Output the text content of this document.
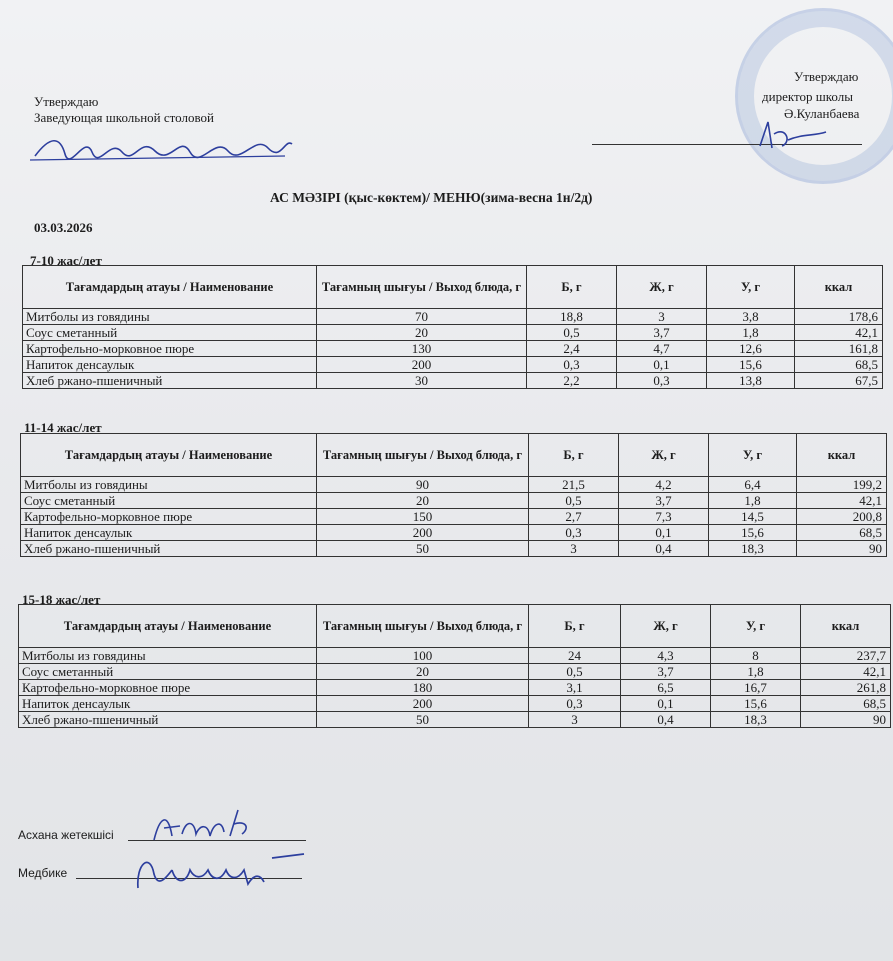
Утверждаю
Заведующая школьной столовой
Утверждаю
директор школы
Ә.Куланбаева
АС МӘЗІРІ (қыс-көктем)/ МЕНЮ(зима-весна 1н/2д)
03.03.2026
7-10 жас/лет
Тағамдардың атауы / Наименование	Тағамның шығуы / Выход блюда, г	Б, г	Ж, г	У, г	ккал
Митболы из говядины	70	18,8	3	3,8	178,6
Соус сметанный	20	0,5	3,7	1,8	42,1
Картофельно-морковное пюре	130	2,4	4,7	12,6	161,8
Напиток денсаулык	200	0,3	0,1	15,6	68,5
Хлеб ржано-пшеничный	30	2,2	0,3	13,8	67,5
11-14 жас/лет
Тағамдардың атауы / Наименование	Тағамның шығуы / Выход блюда, г	Б, г	Ж, г	У, г	ккал
Митболы из говядины	90	21,5	4,2	6,4	199,2
Соус сметанный	20	0,5	3,7	1,8	42,1
Картофельно-морковное пюре	150	2,7	7,3	14,5	200,8
Напиток денсаулык	200	0,3	0,1	15,6	68,5
Хлеб ржано-пшеничный	50	3	0,4	18,3	90
15-18 жас/лет
Тағамдардың атауы / Наименование	Тағамның шығуы / Выход блюда, г	Б, г	Ж, г	У, г	ккал
Митболы из говядины	100	24	4,3	8	237,7
Соус сметанный	20	0,5	3,7	1,8	42,1
Картофельно-морковное пюре	180	3,1	6,5	16,7	261,8
Напиток денсаулык	200	0,3	0,1	15,6	68,5
Хлеб ржано-пшеничный	50	3	0,4	18,3	90
Асхана жетекшісі
Медбике
